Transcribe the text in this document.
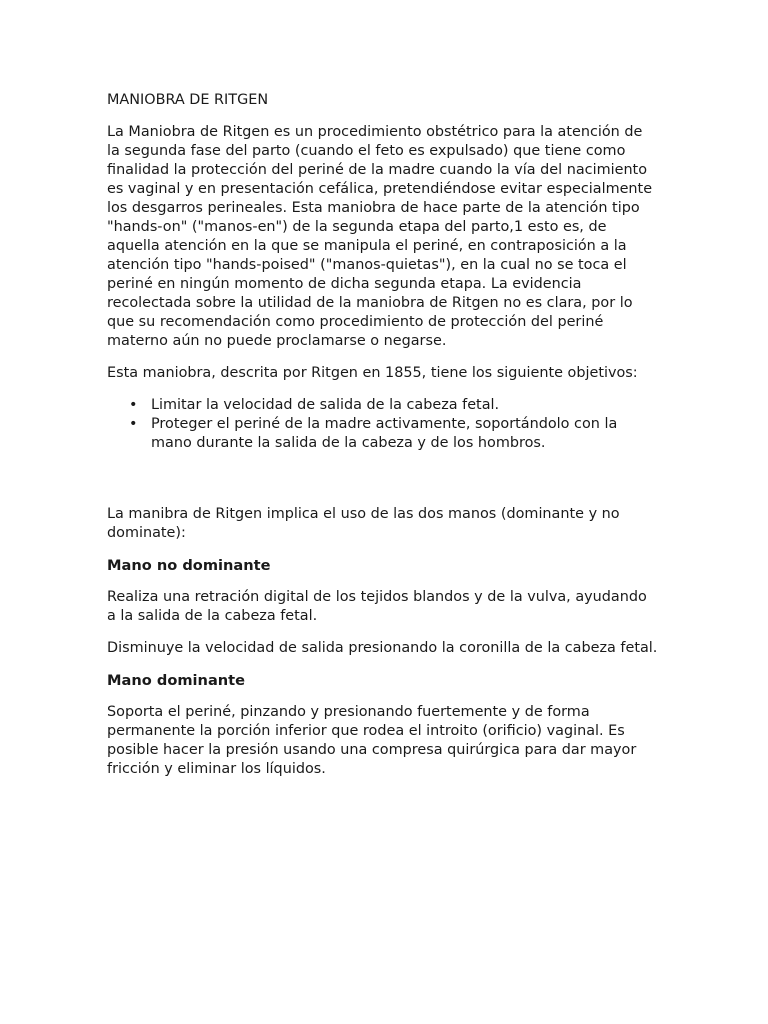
MANIOBRA DE RITGEN

La Maniobra de Ritgen es un procedimiento obstétrico para la atención de la segunda fase del parto (cuando el feto es expulsado) que tiene como finalidad la protección del periné de la madre cuando la vía del nacimiento es vaginal y en presentación cefálica, pretendiéndose evitar especialmente los desgarros perineales. Esta maniobra de hace parte de la atención tipo "hands-on" ("manos-en") de la segunda etapa del parto,1 esto es, de aquella atención en la que se manipula el periné, en contraposición a la atención tipo "hands-poised" ("manos-quietas"), en la cual no se toca el periné en ningún momento de dicha segunda etapa. La evidencia recolectada sobre la utilidad de la maniobra de Ritgen no es clara, por lo que su recomendación como procedimiento de protección del periné materno aún no puede proclamarse o negarse.

Esta maniobra, descrita por Ritgen en 1855, tiene los siguiente objetivos:

• Limitar la velocidad de salida de la cabeza fetal.
• Proteger el periné de la madre activamente, soportándolo con la mano durante la salida de la cabeza y de los hombros.

La manibra de Ritgen implica el uso de las dos manos (dominante y no dominate):

Mano no dominante

Realiza una retración digital de los tejidos blandos y de la vulva, ayudando a la salida de la cabeza fetal.

Disminuye la velocidad de salida presionando la coronilla de la cabeza fetal.

Mano dominante

Soporta el periné, pinzando y presionando fuertemente y de forma permanente la porción inferior que rodea el introito (orificio) vaginal. Es posible hacer la presión usando una compresa quirúrgica para dar mayor fricción y eliminar los líquidos.
